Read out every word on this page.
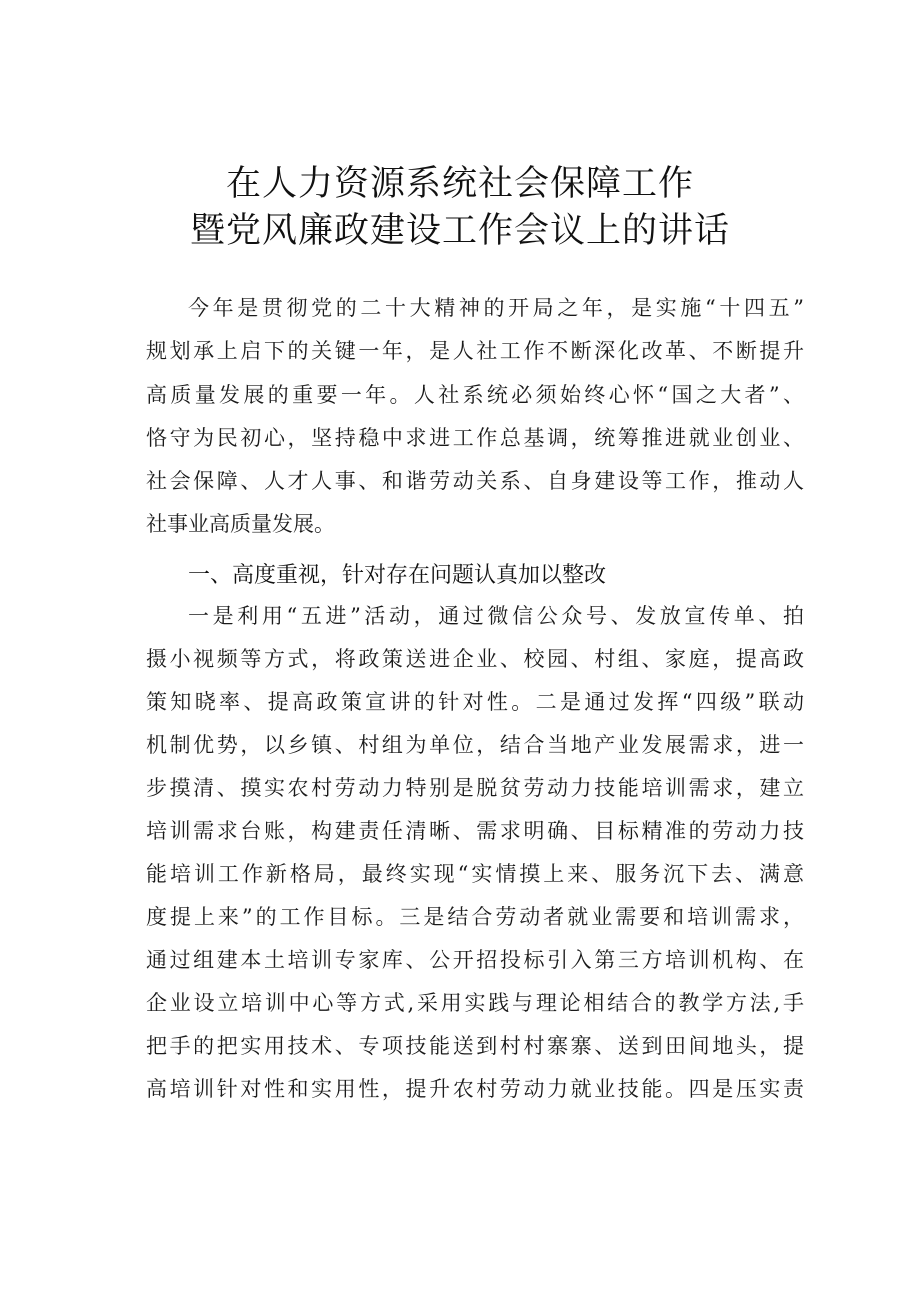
在人力资源系统社会保障工作
暨党风廉政建设工作会议上的讲话
今年是贯彻党的二十大精神的开局之年，是实施“十四五”
规划承上启下的关键一年，是人社工作不断深化改革、不断提升
高质量发展的重要一年。人社系统必须始终心怀“国之大者”、
恪守为民初心，坚持稳中求进工作总基调，统筹推进就业创业、
社会保障、人才人事、和谐劳动关系、自身建设等工作，推动人
社事业高质量发展。
一、高度重视，针对存在问题认真加以整改
一是利用“五进”活动，通过微信公众号、发放宣传单、拍
摄小视频等方式，将政策送进企业、校园、村组、家庭，提高政
策知晓率、提高政策宣讲的针对性。二是通过发挥“四级”联动
机制优势，以乡镇、村组为单位，结合当地产业发展需求，进一
步摸清、摸实农村劳动力特别是脱贫劳动力技能培训需求，建立
培训需求台账，构建责任清晰、需求明确、目标精准的劳动力技
能培训工作新格局，最终实现“实情摸上来、服务沉下去、满意
度提上来”的工作目标。三是结合劳动者就业需要和培训需求，
通过组建本土培训专家库、公开招投标引入第三方培训机构、在
企业设立培训中心等方式,采用实践与理论相结合的教学方法,手
把手的把实用技术、专项技能送到村村寨寨、送到田间地头，提
高培训针对性和实用性，提升农村劳动力就业技能。四是压实责
